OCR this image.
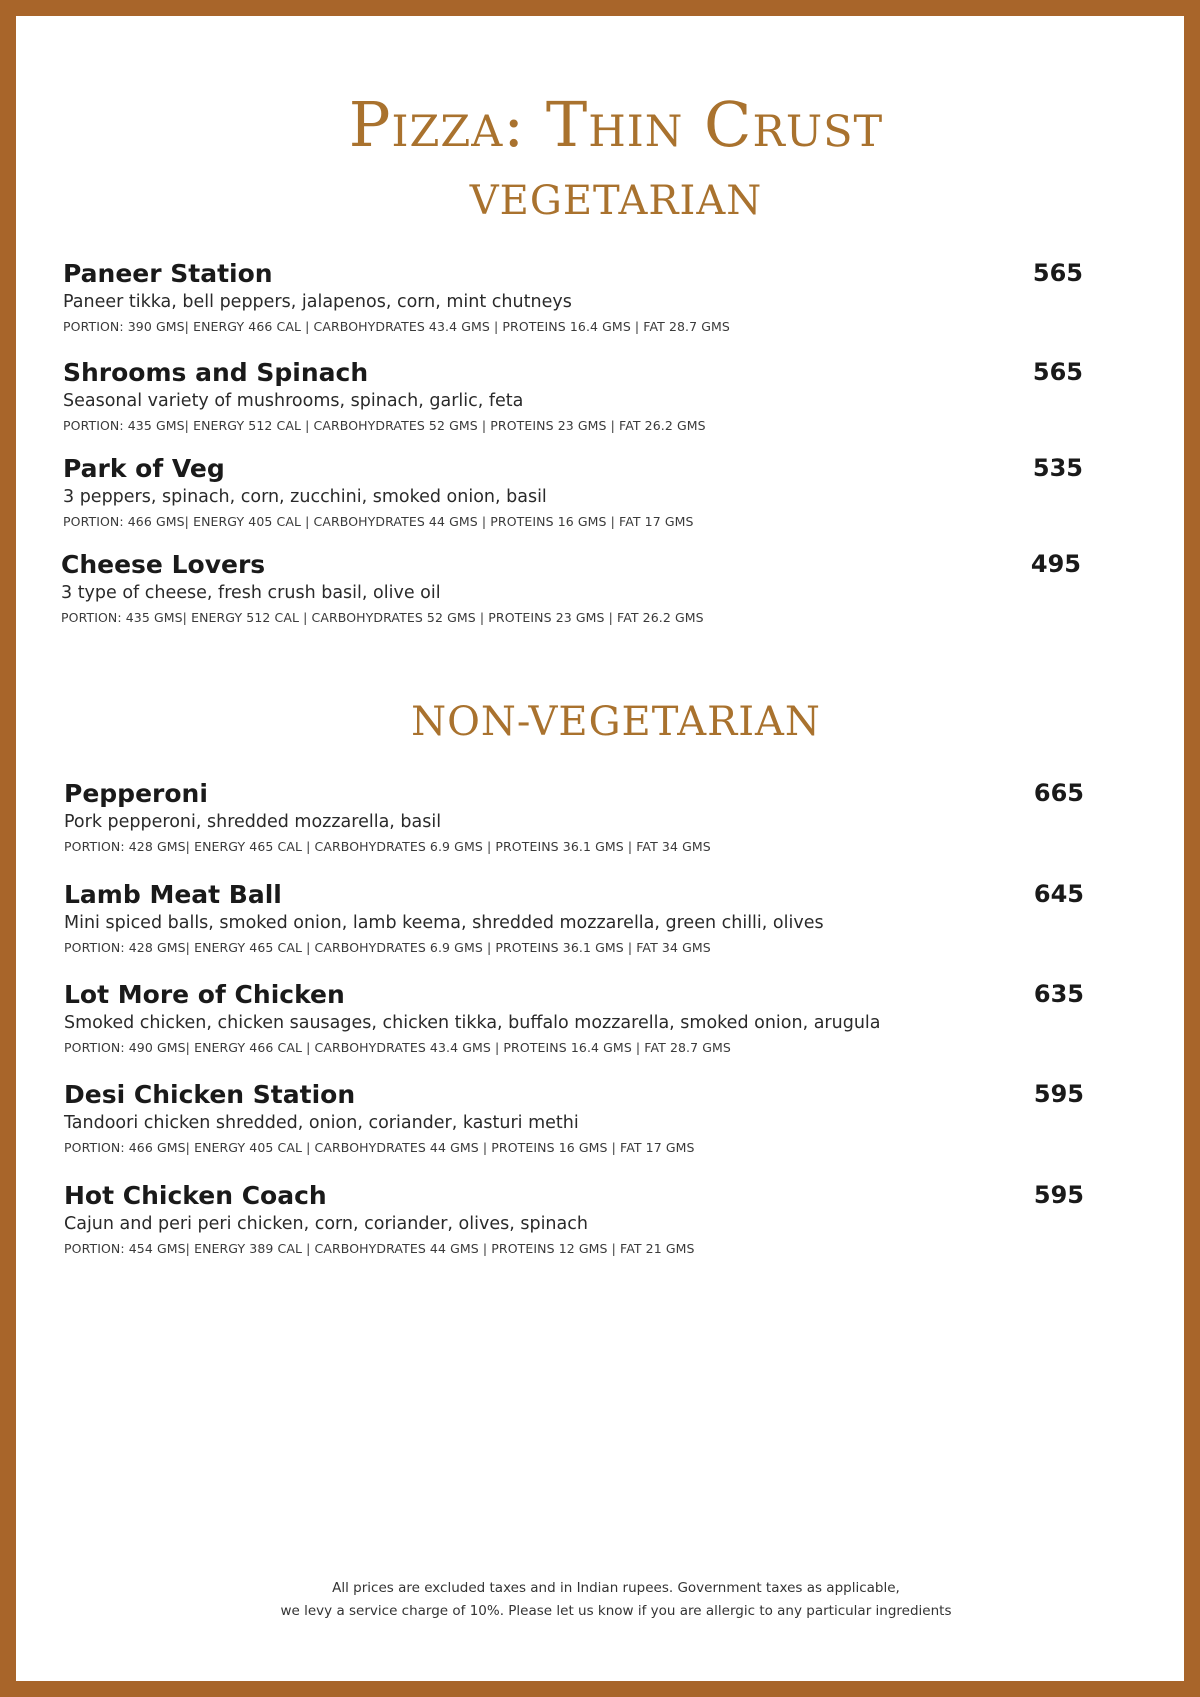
Pizza: Thin Crust
VEGETARIAN
Paneer Station	565
Paneer tikka, bell peppers, jalapenos, corn, mint chutneys
PORTION: 390 GMS| ENERGY 466 CAL | CARBOHYDRATES 43.4 GMS | PROTEINS 16.4 GMS | FAT 28.7 GMS
Shrooms and Spinach	565
Seasonal variety of mushrooms, spinach, garlic, feta
PORTION: 435 GMS| ENERGY 512 CAL | CARBOHYDRATES 52 GMS | PROTEINS 23 GMS | FAT 26.2 GMS
Park of Veg	535
3 peppers, spinach, corn, zucchini, smoked onion, basil
PORTION: 466 GMS| ENERGY 405 CAL | CARBOHYDRATES 44 GMS | PROTEINS 16 GMS | FAT 17 GMS
Cheese Lovers	495
3 type of cheese, fresh crush basil, olive oil
PORTION: 435 GMS| ENERGY 512 CAL | CARBOHYDRATES 52 GMS | PROTEINS 23 GMS | FAT 26.2 GMS
NON-VEGETARIAN
Pepperoni	665
Pork pepperoni, shredded mozzarella, basil
PORTION: 428 GMS| ENERGY 465 CAL | CARBOHYDRATES 6.9 GMS | PROTEINS 36.1 GMS | FAT 34 GMS
Lamb Meat Ball	645
Mini spiced balls, smoked onion, lamb keema, shredded mozzarella, green chilli, olives
PORTION: 428 GMS| ENERGY 465 CAL | CARBOHYDRATES 6.9 GMS | PROTEINS 36.1 GMS | FAT 34 GMS
Lot More of Chicken	635
Smoked chicken, chicken sausages, chicken tikka, buffalo mozzarella, smoked onion, arugula
PORTION: 490 GMS| ENERGY 466 CAL | CARBOHYDRATES 43.4 GMS | PROTEINS 16.4 GMS | FAT 28.7 GMS
Desi Chicken Station	595
Tandoori chicken shredded, onion, coriander, kasturi methi
PORTION: 466 GMS| ENERGY 405 CAL | CARBOHYDRATES 44 GMS | PROTEINS 16 GMS | FAT 17 GMS
Hot Chicken Coach	595
Cajun and peri peri chicken, corn, coriander, olives, spinach
PORTION: 454 GMS| ENERGY 389 CAL | CARBOHYDRATES 44 GMS | PROTEINS 12 GMS | FAT 21 GMS
All prices are excluded taxes and in Indian rupees. Government taxes as applicable,
we levy a service charge of 10%. Please let us know if you are allergic to any particular ingredients
